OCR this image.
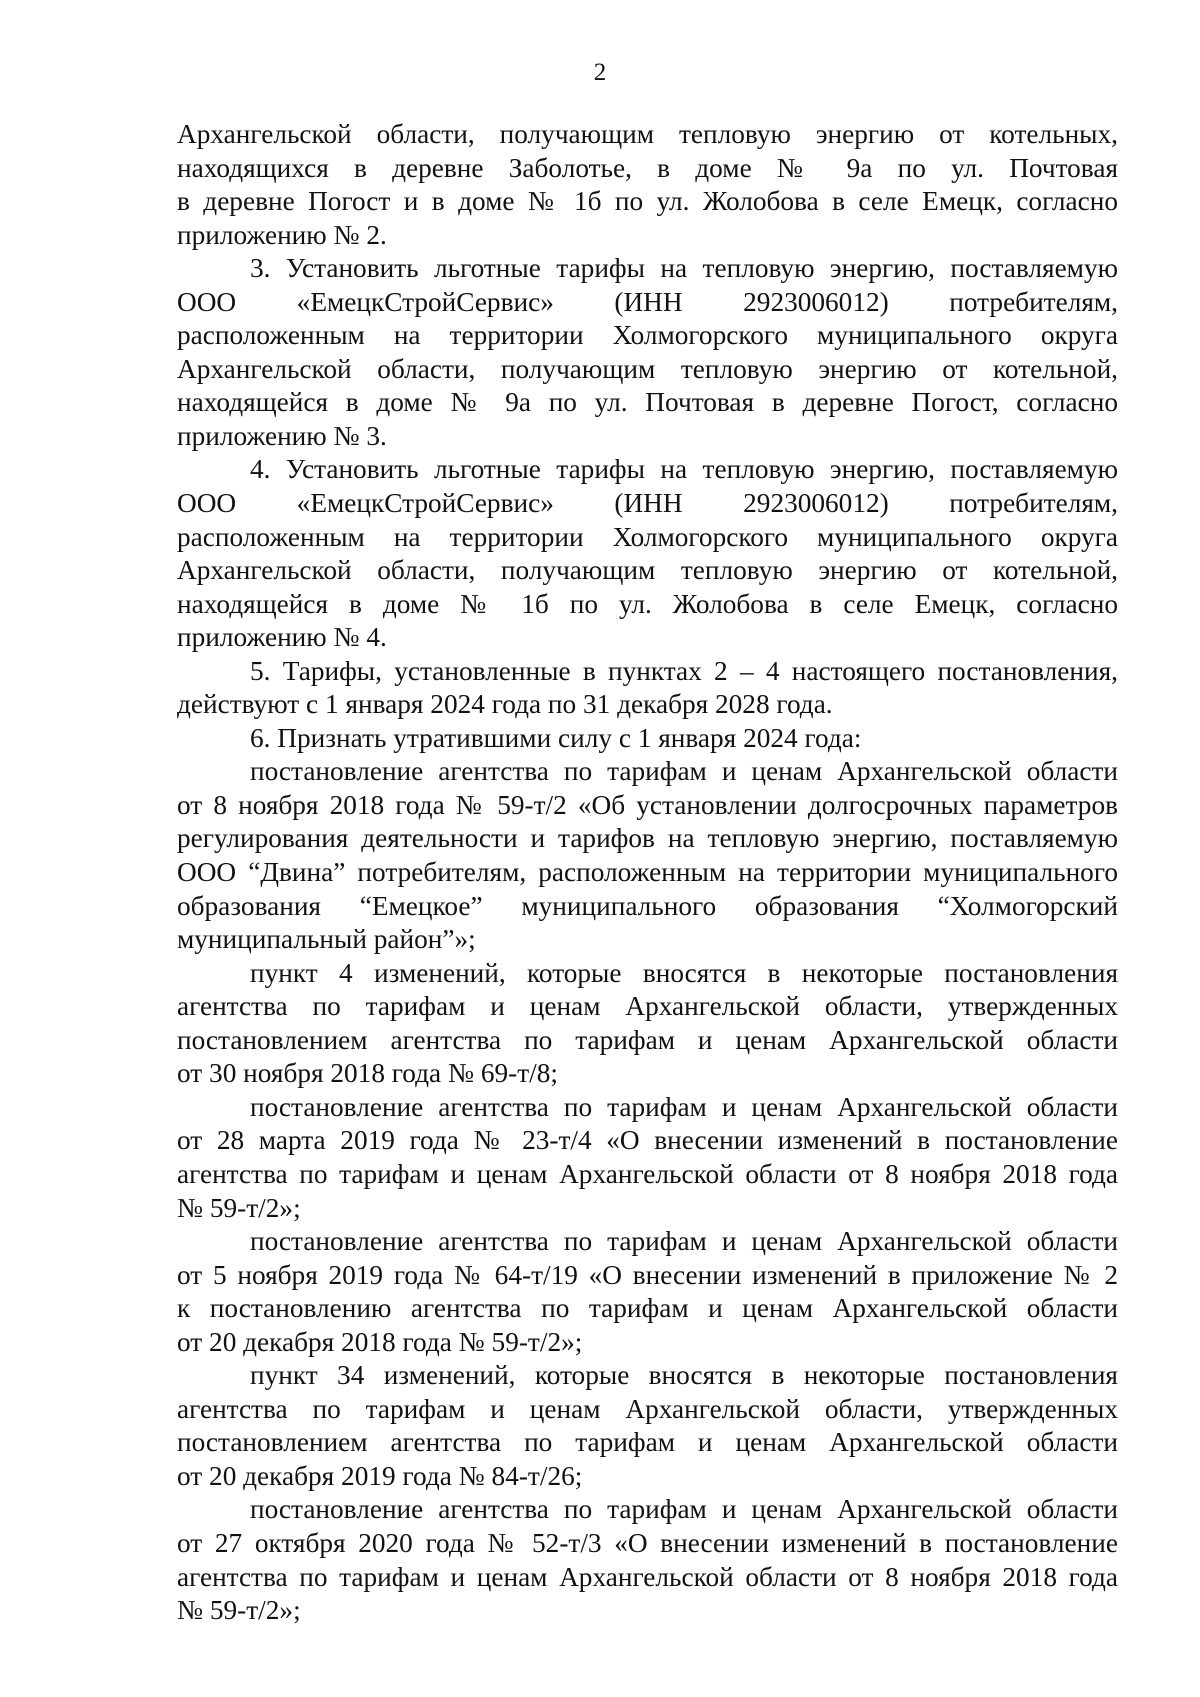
2
Архангельской области, получающим тепловую энергию от котельных,
находящихся в деревне Заболотье, в доме № 9а по ул. Почтовая
в деревне Погост и в доме № 1б по ул. Жолобова в селе Емецк, согласно
приложению № 2.
3. Установить льготные тарифы на тепловую энергию, поставляемую
ООО «ЕмецкСтройСервис» (ИНН 2923006012) потребителям,
расположенным на территории Холмогорского муниципального округа
Архангельской области, получающим тепловую энергию от котельной,
находящейся в доме № 9а по ул. Почтовая в деревне Погост, согласно
приложению № 3.
4. Установить льготные тарифы на тепловую энергию, поставляемую
ООО «ЕмецкСтройСервис» (ИНН 2923006012) потребителям,
расположенным на территории Холмогорского муниципального округа
Архангельской области, получающим тепловую энергию от котельной,
находящейся в доме № 1б по ул. Жолобова в селе Емецк, согласно
приложению № 4.
5. Тарифы, установленные в пунктах 2 – 4 настоящего постановления,
действуют с 1 января 2024 года по 31 декабря 2028 года.
6. Признать утратившими силу с 1 января 2024 года:
постановление агентства по тарифам и ценам Архангельской области
от 8 ноября 2018 года № 59-т/2 «Об установлении долгосрочных параметров
регулирования деятельности и тарифов на тепловую энергию, поставляемую
ООО “Двина” потребителям, расположенным на территории муниципального
образования “Емецкое” муниципального образования “Холмогорский
муниципальный район”»;
пункт 4 изменений, которые вносятся в некоторые постановления
агентства по тарифам и ценам Архангельской области, утвержденных
постановлением агентства по тарифам и ценам Архангельской области
от 30 ноября 2018 года № 69-т/8;
постановление агентства по тарифам и ценам Архангельской области
от 28 марта 2019 года № 23-т/4 «О внесении изменений в постановление
агентства по тарифам и ценам Архангельской области от 8 ноября 2018 года
№ 59-т/2»;
постановление агентства по тарифам и ценам Архангельской области
от 5 ноября 2019 года № 64-т/19 «О внесении изменений в приложение № 2
к постановлению агентства по тарифам и ценам Архангельской области
от 20 декабря 2018 года № 59-т/2»;
пункт 34 изменений, которые вносятся в некоторые постановления
агентства по тарифам и ценам Архангельской области, утвержденных
постановлением агентства по тарифам и ценам Архангельской области
от 20 декабря 2019 года № 84-т/26;
постановление агентства по тарифам и ценам Архангельской области
от 27 октября 2020 года № 52-т/3 «О внесении изменений в постановление
агентства по тарифам и ценам Архангельской области от 8 ноября 2018 года
№ 59-т/2»;
